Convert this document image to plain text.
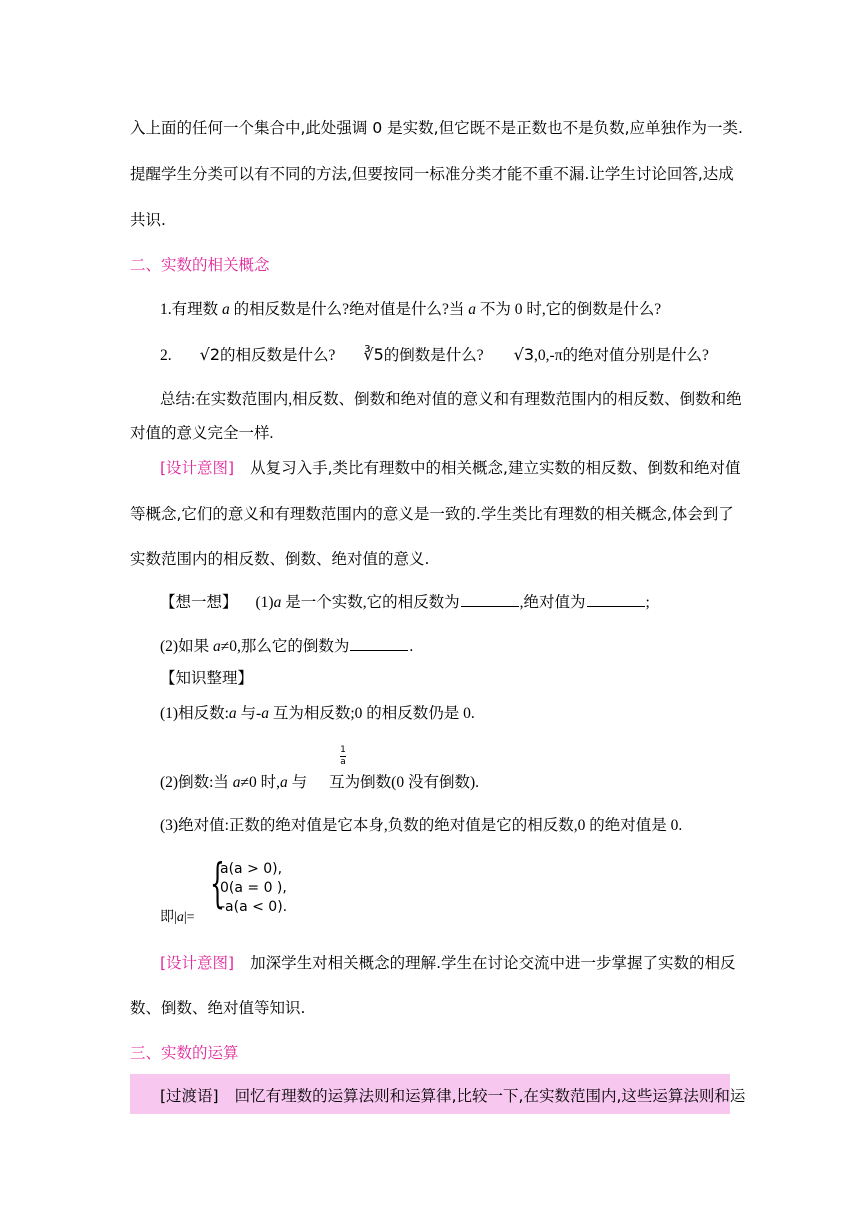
入上面的任何一个集合中,此处强调 0 是实数,但它既不是正数也不是负数,应单独作为一类.
提醒学生分类可以有不同的方法,但要按同一标准分类才能不重不漏.让学生讨论回答,达成
共识.
二、实数的相关概念
1.有理数 a 的相反数是什么?绝对值是什么?当 a 不为 0 时,它的倒数是什么?
2. √2的相反数是什么? ∛5的倒数是什么? √3,0,-π的绝对值分别是什么?
总结:在实数范围内,相反数、倒数和绝对值的意义和有理数范围内的相反数、倒数和绝
对值的意义完全一样.
[设计意图] 从复习入手,类比有理数中的相关概念,建立实数的相反数、倒数和绝对值
等概念,它们的意义和有理数范围内的意义是一致的.学生类比有理数的相关概念,体会到了
实数范围内的相反数、倒数、绝对值的意义.
【想一想】 (1)a 是一个实数,它的相反数为	,绝对值为	;
(2)如果 a≠0,那么它的倒数为	.
【知识整理】
(1)相反数:a 与-a 互为相反数;0 的相反数仍是 0.
1
a
(2)倒数:当 a≠0 时,a 与 互为倒数(0 没有倒数).
(3)绝对值:正数的绝对值是它本身,负数的绝对值是它的相反数,0 的绝对值是 0.
{
a(a > 0),
0(a = 0 ),
-a(a < 0).
即|a|=
[设计意图] 加深学生对相关概念的理解.学生在讨论交流中进一步掌握了实数的相反
数、倒数、绝对值等知识.
三、实数的运算
[过渡语] 回忆有理数的运算法则和运算律,比较一下,在实数范围内,这些运算法则和运
